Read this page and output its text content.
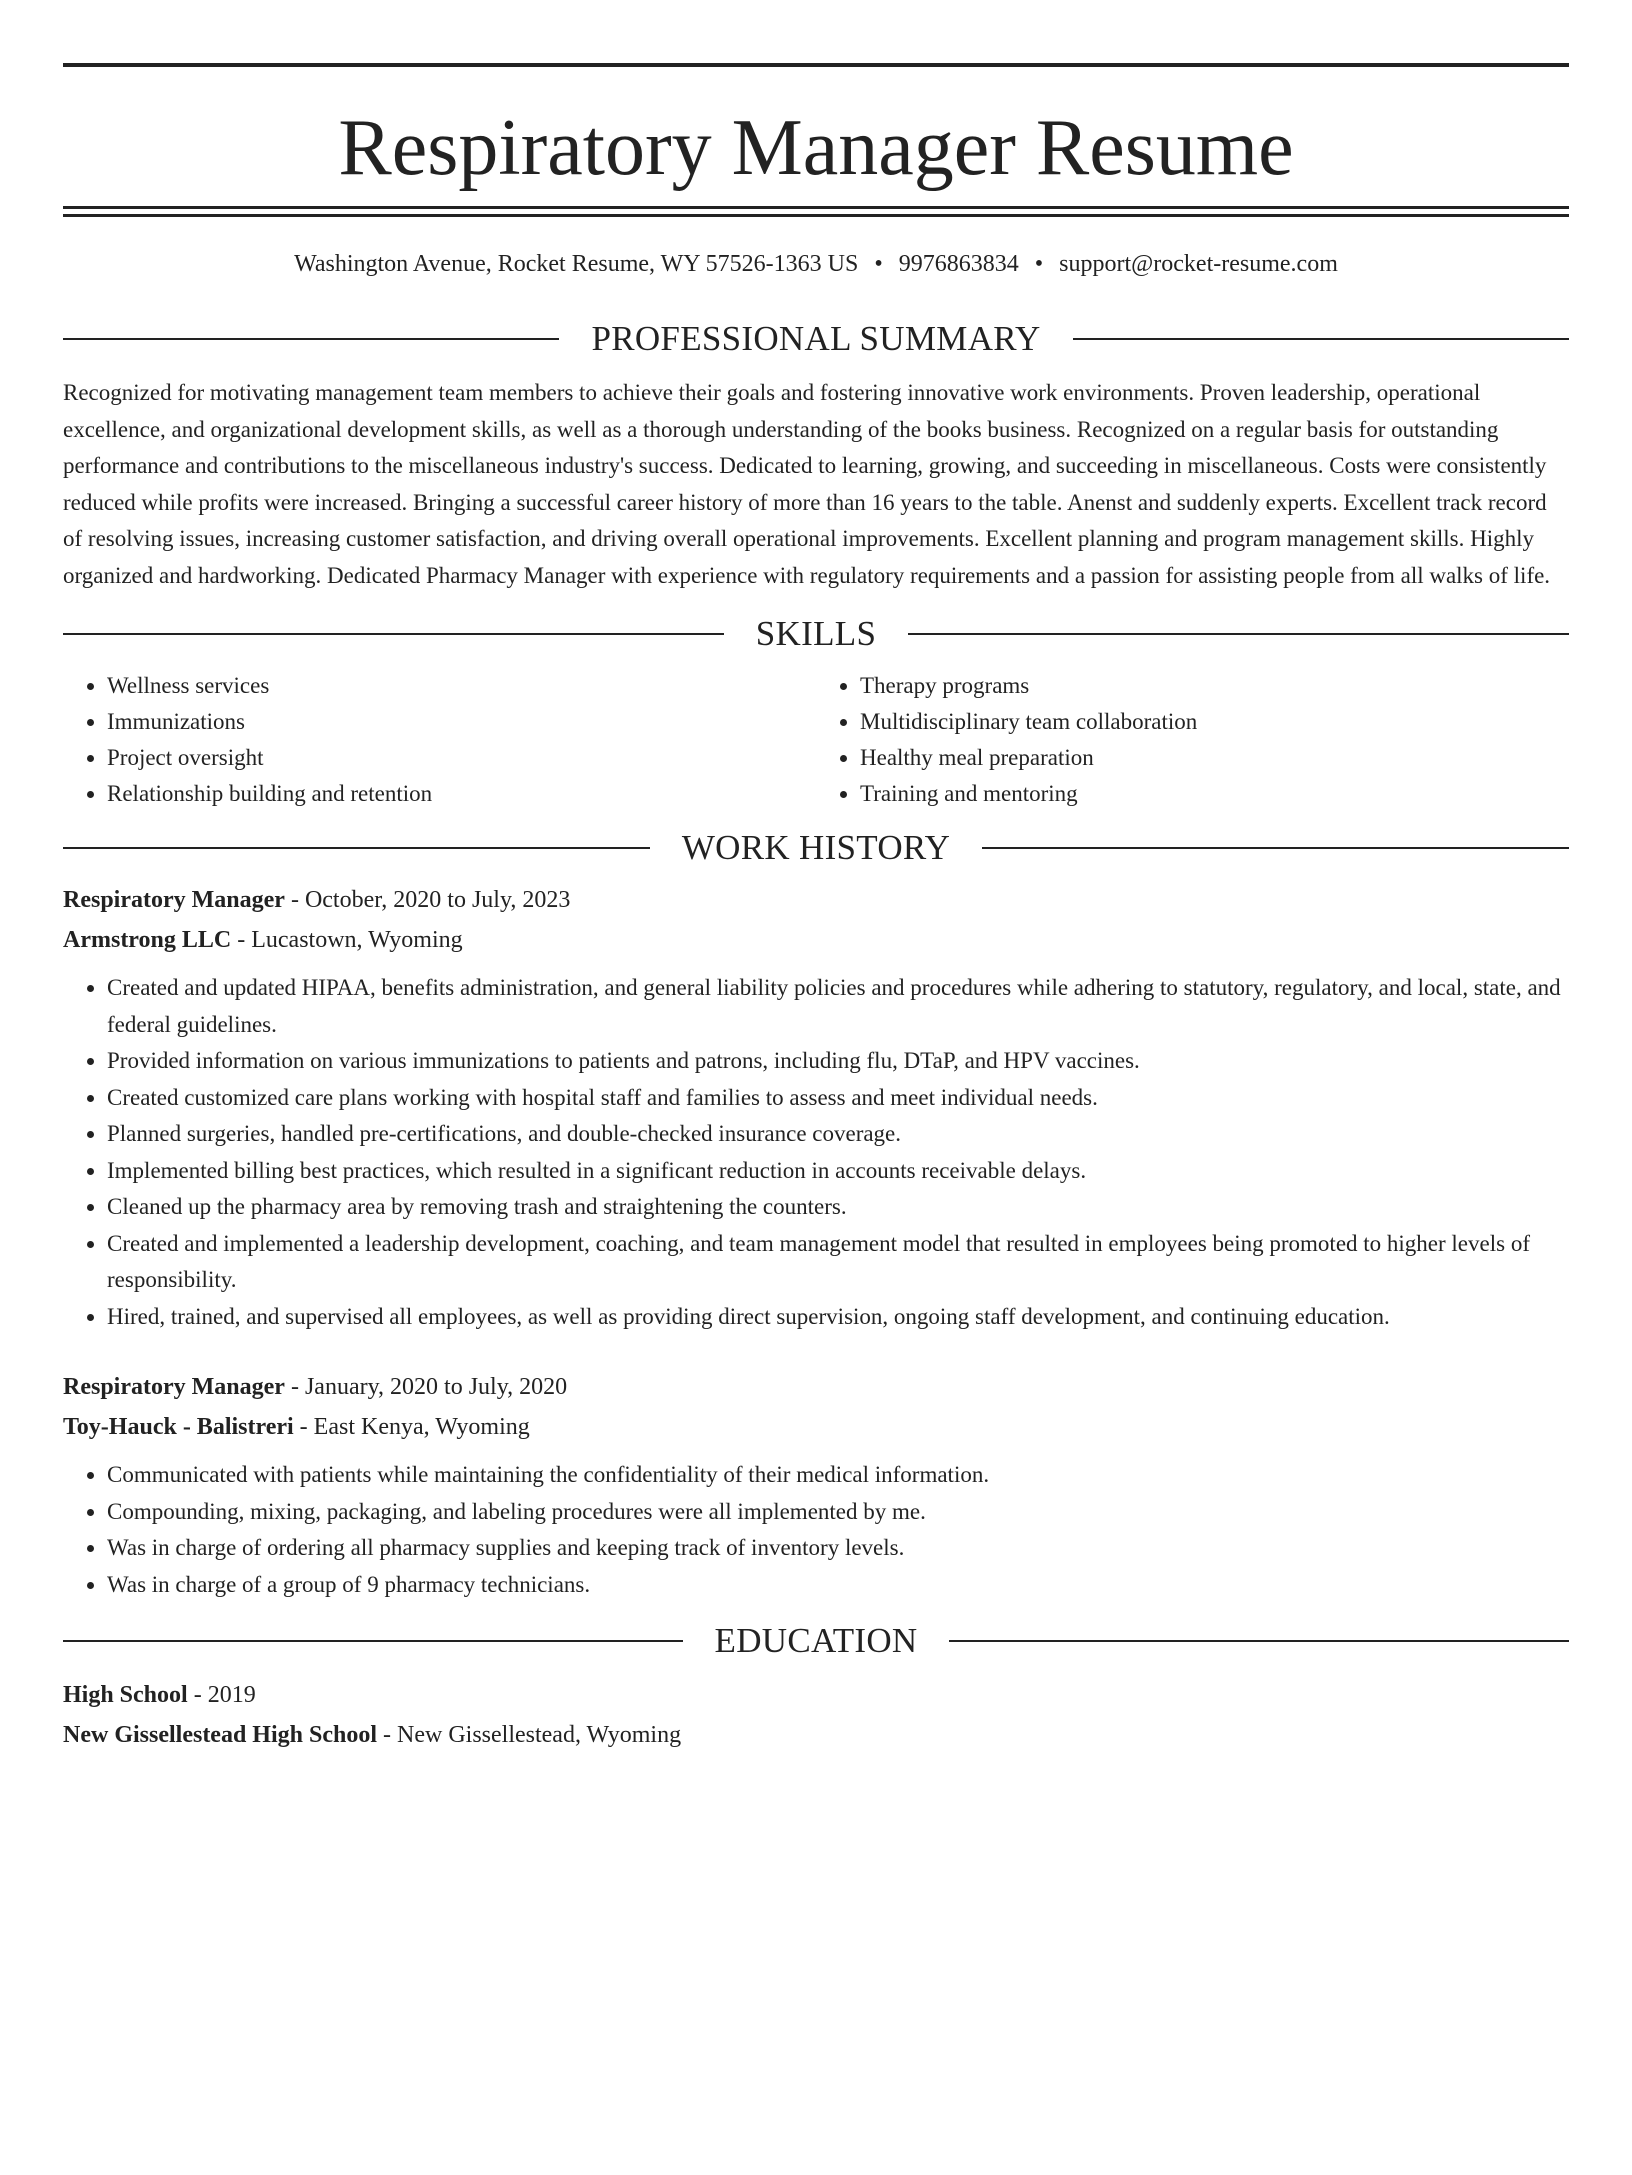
Respiratory Manager Resume
Washington Avenue, Rocket Resume, WY 57526-1363 US • 9976863834 • support@rocket-resume.com
PROFESSIONAL SUMMARY

Recognized for motivating management team members to achieve their goals and fostering innovative work environments. Proven leadership, operational excellence, and organizational development skills, as well as a thorough understanding of the books business. Recognized on a regular basis for outstanding performance and contributions to the miscellaneous industry's success. Dedicated to learning, growing, and succeeding in miscellaneous. Costs were consistently reduced while profits were increased. Bringing a successful career history of more than 16 years to the table. Anenst and suddenly experts. Excellent track record of resolving issues, increasing customer satisfaction, and driving overall operational improvements. Excellent planning and program management skills. Highly organized and hardworking. Dedicated Pharmacy Manager with experience with regulatory requirements and a passion for assisting people from all walks of life.

SKILLS
• Wellness services
• Immunizations
• Project oversight
• Relationship building and retention
• Therapy programs
• Multidisciplinary team collaboration
• Healthy meal preparation
• Training and mentoring
WORK HISTORY
Respiratory Manager - October, 2020 to July, 2023
Armstrong LLC - Lucastown, Wyoming
• Created and updated HIPAA, benefits administration, and general liability policies and procedures while adhering to statutory, regulatory, and local, state, and federal guidelines.
• Provided information on various immunizations to patients and patrons, including flu, DTaP, and HPV vaccines.
• Created customized care plans working with hospital staff and families to assess and meet individual needs.
• Planned surgeries, handled pre-certifications, and double-checked insurance coverage.
• Implemented billing best practices, which resulted in a significant reduction in accounts receivable delays.
• Cleaned up the pharmacy area by removing trash and straightening the counters.
• Created and implemented a leadership development, coaching, and team management model that resulted in employees being promoted to higher levels of responsibility.
• Hired, trained, and supervised all employees, as well as providing direct supervision, ongoing staff development, and continuing education.
Respiratory Manager - January, 2020 to July, 2020
Toy-Hauck - Balistreri - East Kenya, Wyoming
• Communicated with patients while maintaining the confidentiality of their medical information.
• Compounding, mixing, packaging, and labeling procedures were all implemented by me.
• Was in charge of ordering all pharmacy supplies and keeping track of inventory levels.
• Was in charge of a group of 9 pharmacy technicians.
EDUCATION
High School - 2019
New Gissellestead High School - New Gissellestead, Wyoming
